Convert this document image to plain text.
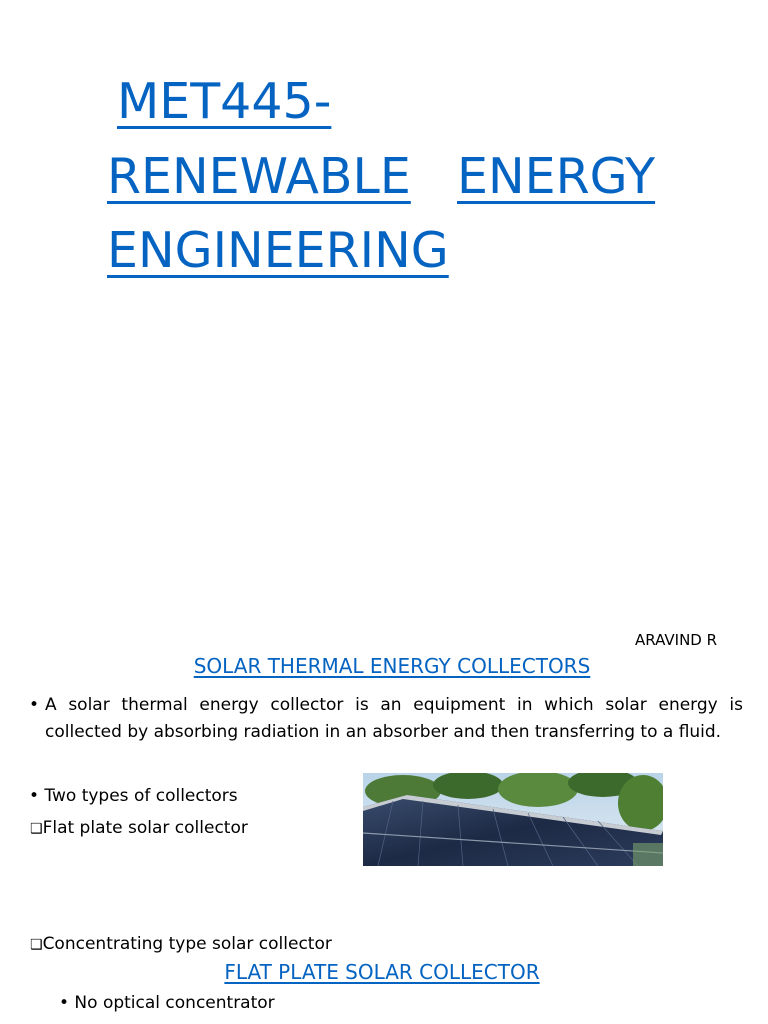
MET445-
RENEWABLE ENERGY
ENGINEERING
ARAVIND R
SOLAR THERMAL ENERGY COLLECTORS
• A solar thermal energy collector is an equipment in which solar energy is collected by absorbing radiation in an absorber and then transferring to a fluid.
• Two types of collectors
❑Flat plate solar collector
❑Concentrating type solar collector
FLAT PLATE SOLAR COLLECTOR
• No optical concentrator
